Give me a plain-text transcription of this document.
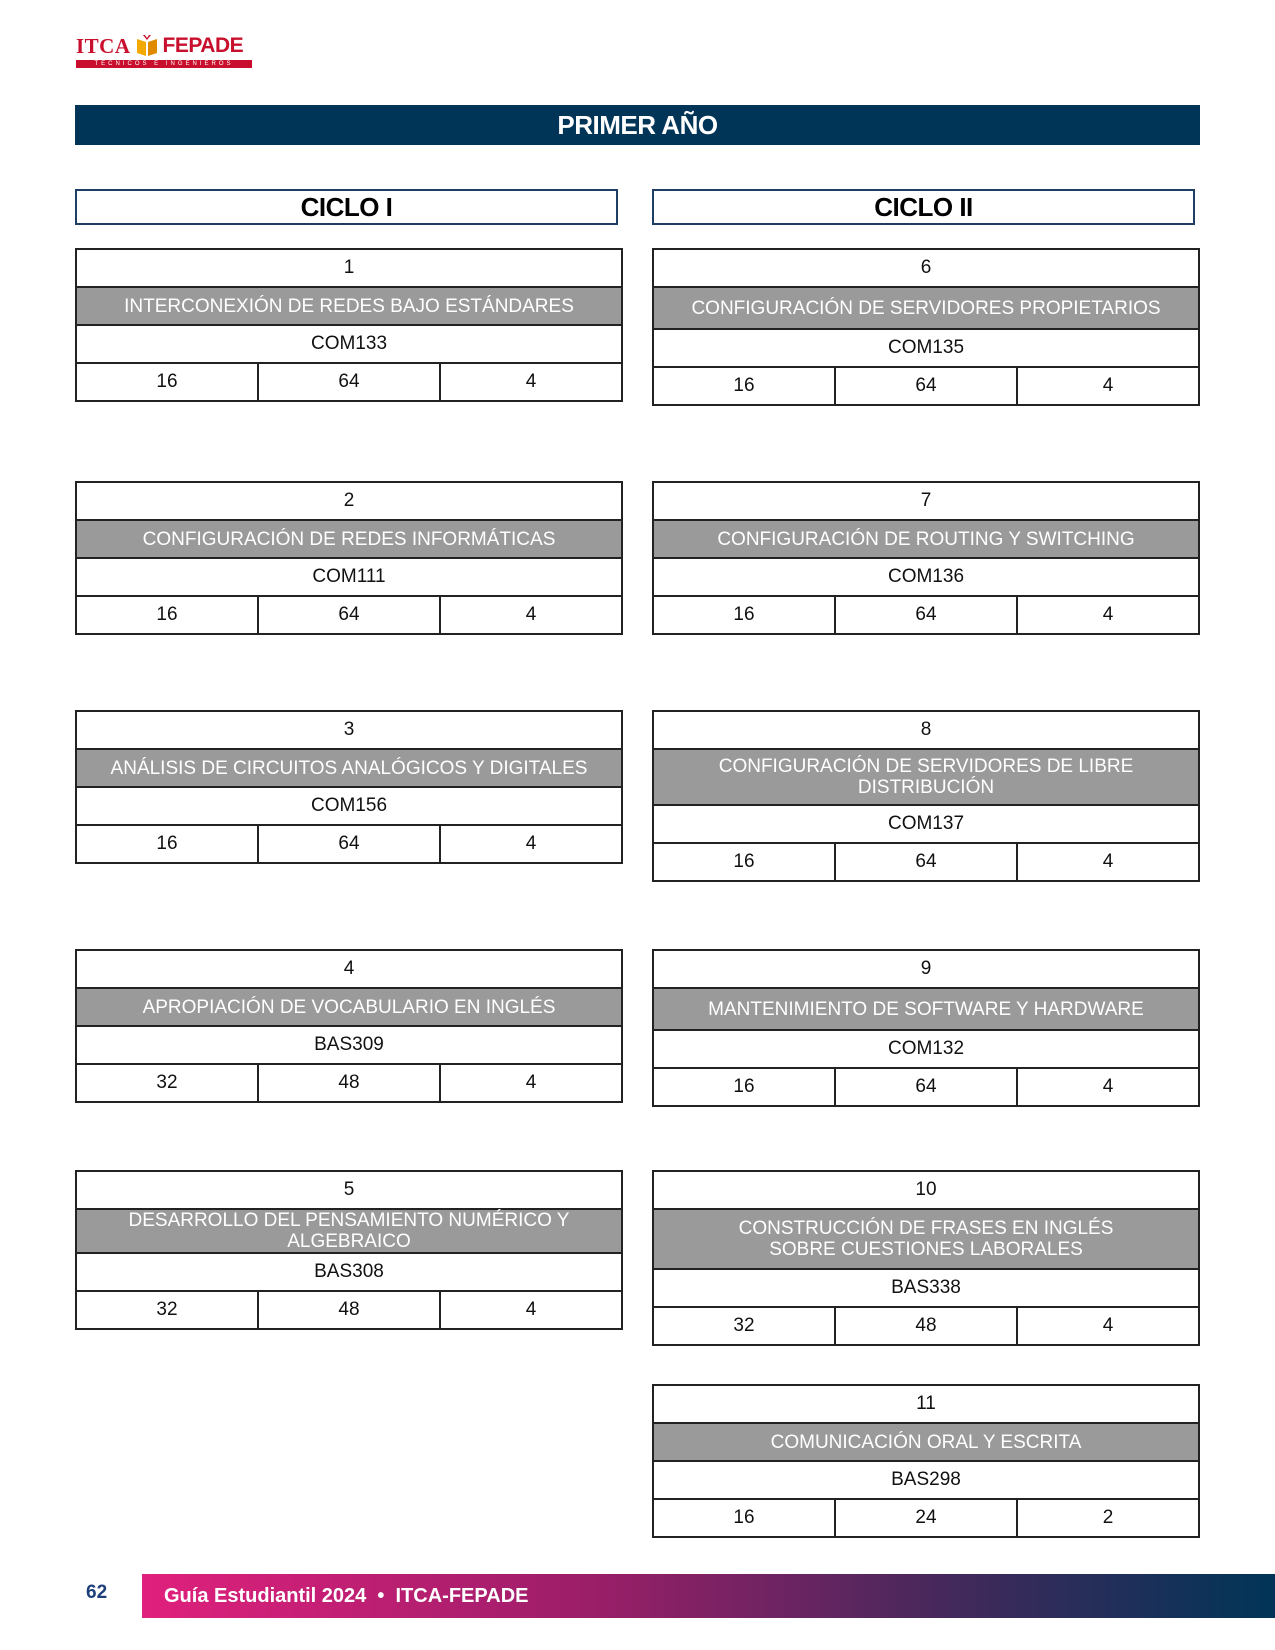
ITCA FEPADE
TÉCNICOS E INGENIEROS
PRIMER AÑO
CICLO I	CICLO II
1
INTERCONEXIÓN DE REDES BAJO ESTÁNDARES
COM133
16	64	4
2
CONFIGURACIÓN DE REDES INFORMÁTICAS
COM111
16	64	4
3
ANÁLISIS DE CIRCUITOS ANALÓGICOS Y DIGITALES
COM156
16	64	4
4
APROPIACIÓN DE VOCABULARIO EN INGLÉS
BAS309
32	48	4
5
DESARROLLO DEL PENSAMIENTO NUMÉRICO Y ALGEBRAICO
BAS308
32	48	4
6
CONFIGURACIÓN DE SERVIDORES PROPIETARIOS
COM135
16	64	4
7
CONFIGURACIÓN DE ROUTING Y SWITCHING
COM136
16	64	4
8
CONFIGURACIÓN DE SERVIDORES DE LIBRE DISTRIBUCIÓN
COM137
16	64	4
9
MANTENIMIENTO DE SOFTWARE Y HARDWARE
COM132
16	64	4
10
CONSTRUCCIÓN DE FRASES EN INGLÉS SOBRE CUESTIONES LABORALES
BAS338
32	48	4
11
COMUNICACIÓN ORAL Y ESCRITA
BAS298
16	24	2
62	Guía Estudiantil 2024  •  ITCA-FEPADE
